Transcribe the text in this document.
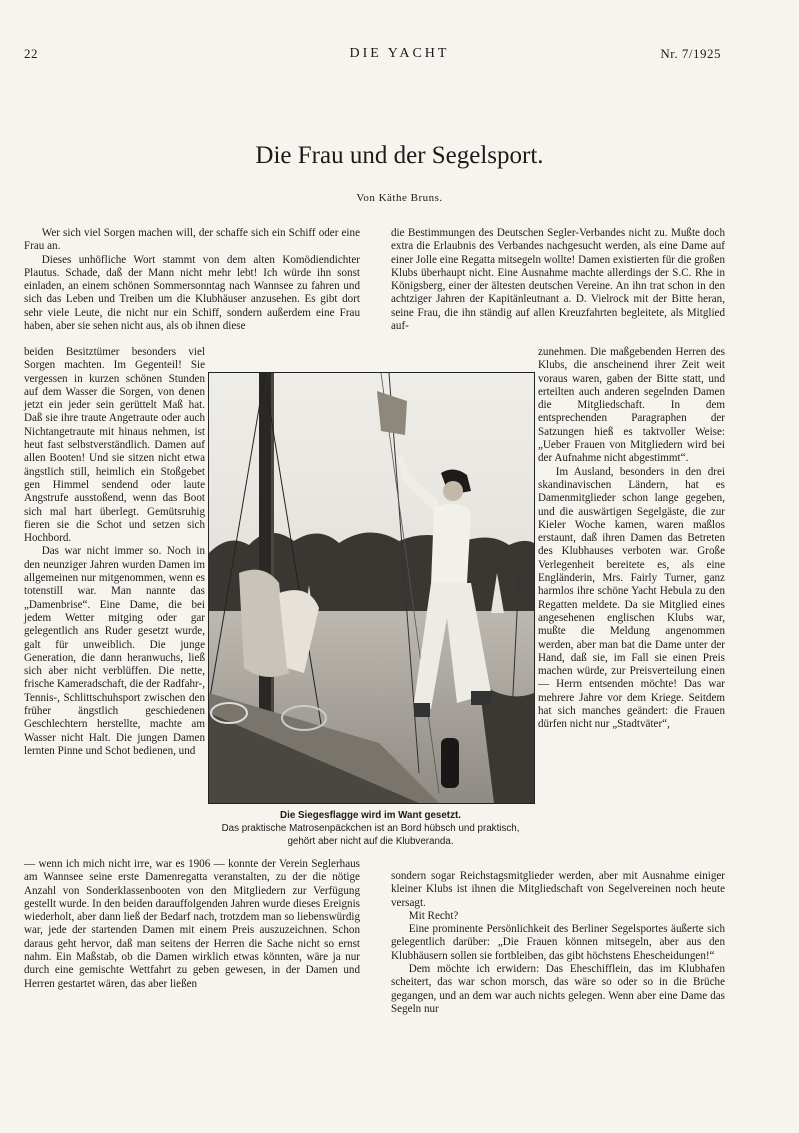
22	DIE YACHT	Nr. 7/1925
Die Frau und der Segelsport.
Von Käthe Bruns.

Wer sich viel Sorgen machen will, der schaffe sich ein Schiff oder eine Frau an.

Dieses unhöfliche Wort stammt von dem alten Komödiendichter Plautus. Schade, daß der Mann nicht mehr lebt! Ich würde ihn sonst einladen, an einem schönen Sommersonntag nach Wannsee zu fahren und sich das Leben und Treiben um die Klubhäuser anzusehen. Es gibt dort sehr viele Leute, die nicht nur ein Schiff, sondern außerdem eine Frau haben, aber sie sehen nicht aus, als ob ihnen diese

beiden Besitztümer besonders viel Sorgen machten. Im Gegenteil! Sie vergessen in kurzen schönen Stunden auf dem Wasser die Sorgen, von denen jetzt ein jeder sein gerüttelt Maß hat. Daß sie ihre traute Angetraute oder auch Nichtangetraute mit hinaus nehmen, ist heut fast selbstverständlich. Damen auf allen Booten! Und sie sitzen nicht etwa ängstlich still, heimlich ein Stoßgebet gen Himmel sendend oder laute Angstrufe ausstoßend, wenn das Boot sich mal hart überlegt. Gemütsruhig fieren sie die Schot und setzen sich Hochbord.

Das war nicht immer so. Noch in den neunziger Jahren wurden Damen im allgemeinen nur mitgenommen, wenn es totenstill war. Man nannte das „Damenbrise“. Eine Dame, die bei jedem Wetter mitging oder gar gelegentlich ans Ruder gesetzt wurde, galt für unweiblich. Die junge Generation, die dann heranwuchs, ließ sich aber nicht verblüffen. Die nette, frische Kameradschaft, die der Radfahr-, Tennis-, Schlittschuhsport zwischen den früher ängstlich geschiedenen Geschlechtern herstellte, machte am Wasser nicht Halt. Die jungen Damen lernten Pinne und Schot bedienen, und

— wenn ich mich nicht irre, war es 1906 — konnte der Verein Seglerhaus am Wannsee seine erste Damenregatta veranstalten, zu der die nötige Anzahl von Sonderklassenbooten von den Mitgliedern zur Verfügung gestellt wurde. In den beiden darauffolgenden Jahren wurde dieses Ereignis wiederholt, aber dann ließ der Bedarf nach, trotzdem man so liebenswürdig war, jede der startenden Damen mit einem Preis auszuzeichnen. Schon daraus geht hervor, daß man seitens der Herren die Sache nicht so ernst nahm. Ein Maßstab, ob die Damen wirklich etwas könnten, wäre ja nur durch eine gemischte Wettfahrt zu geben gewesen, in der Damen und Herren gestartet wären, das aber ließen

die Bestimmungen des Deutschen Segler-Verbandes nicht zu. Mußte doch extra die Erlaubnis des Verbandes nachgesucht werden, als eine Dame auf einer Jolle eine Regatta mitsegeln wollte! Damen existierten für die großen Klubs überhaupt nicht. Eine Ausnahme machte allerdings der S.C. Rhe in Königsberg, einer der ältesten deutschen Vereine. An ihn trat schon in den achtziger Jahren der Kapitänleutnant a. D. Vielrock mit der Bitte heran, seine Frau, die ihn ständig auf allen Kreuzfahrten begleitete, als Mitglied auf-

zunehmen. Die maßgebenden Herren des Klubs, die anscheinend ihrer Zeit weit voraus waren, gaben der Bitte statt, und erteilten auch anderen segelnden Damen die Mitgliedschaft. In dem entsprechenden Paragraphen der Satzungen hieß es taktvoller Weise: „Ueber Frauen von Mitgliedern wird bei der Aufnahme nicht abgestimmt“.

Im Ausland, besonders in den drei skandinavischen Ländern, hat es Damenmitglieder schon lange gegeben, und die auswärtigen Segelgäste, die zur Kieler Woche kamen, waren maßlos erstaunt, daß ihren Damen das Betreten des Klubhauses verboten war. Große Verlegenheit bereitete es, als eine Engländerin, Mrs. Fairly Turner, ganz harmlos ihre schöne Yacht Hebula zu den Regatten meldete. Da sie Mitglied eines angesehenen englischen Klubs war, mußte die Meldung angenommen werden, aber man bat die Dame unter der Hand, daß sie, im Fall sie einen Preis machen würde, zur Preisverteilung einen — Herrn entsenden möchte! Das war mehrere Jahre vor dem Kriege. Seitdem hat sich manches geändert: die Frauen dürfen nicht nur „Stadtväter“,

sondern sogar Reichstagsmitglieder werden, aber mit Ausnahme einiger kleiner Klubs ist ihnen die Mitgliedschaft von Segelvereinen noch heute versagt.

Mit Recht?

Eine prominente Persönlichkeit des Berliner Segelsportes äußerte sich gelegentlich darüber: „Die Frauen können mitsegeln, aber aus den Klubhäusern sollen sie fortbleiben, das gibt höchstens Ehescheidungen!“

Dem möchte ich erwidern: Das Eheschifflein, das im Klubhafen scheitert, das war schon morsch, das wäre so oder so in die Brüche gegangen, und an dem war auch nichts gelegen. Wenn aber eine Dame das Segeln nur

Die Siegesflagge wird im Want gesetzt.
Das praktische Matrosenpäckchen ist an Bord hübsch und praktisch, gehört aber nicht auf die Klubveranda.
